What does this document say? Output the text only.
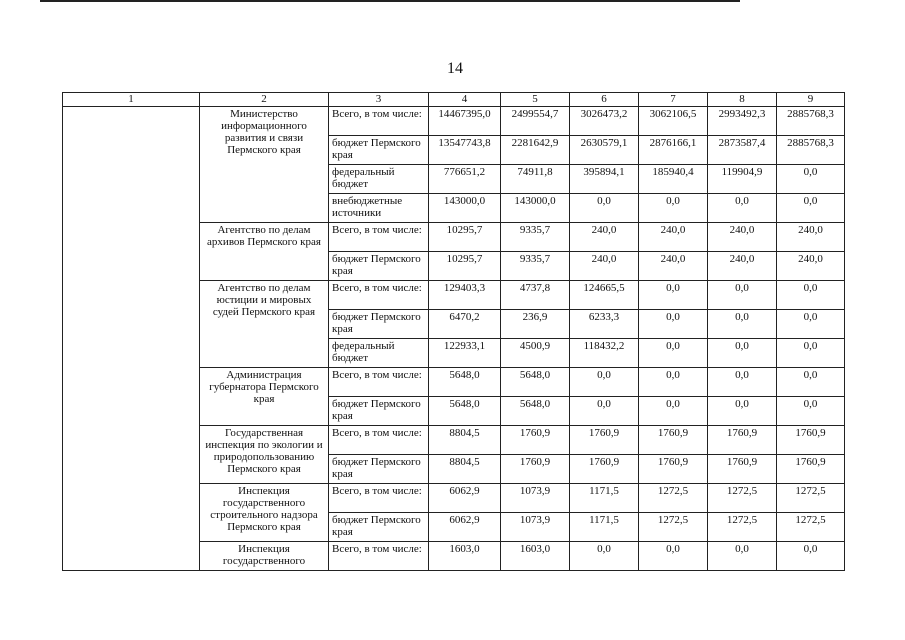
14
1	2	3	4	5	6	7	8	9
	Министерство информационного развития и связи Пермского края	Всего, в том числе:	14467395,0	2499554,7	3026473,2	3062106,5	2993492,3	2885768,3
		бюджет Пермского края	13547743,8	2281642,9	2630579,1	2876166,1	2873587,4	2885768,3
		федеральный бюджет	776651,2	74911,8	395894,1	185940,4	119904,9	0,0
		внебюджетные источники	143000,0	143000,0	0,0	0,0	0,0	0,0
	Агентство по делам архивов Пермского края	Всего, в том числе:	10295,7	9335,7	240,0	240,0	240,0	240,0
		бюджет Пермского края	10295,7	9335,7	240,0	240,0	240,0	240,0
	Агентство по делам юстиции и мировых судей Пермского края	Всего, в том числе:	129403,3	4737,8	124665,5	0,0	0,0	0,0
		бюджет Пермского края	6470,2	236,9	6233,3	0,0	0,0	0,0
		федеральный бюджет	122933,1	4500,9	118432,2	0,0	0,0	0,0
	Администрация губернатора Пермского края	Всего, в том числе:	5648,0	5648,0	0,0	0,0	0,0	0,0
		бюджет Пермского края	5648,0	5648,0	0,0	0,0	0,0	0,0
	Государственная инспекция по экологии и природопользованию Пермского края	Всего, в том числе:	8804,5	1760,9	1760,9	1760,9	1760,9	1760,9
		бюджет Пермского края	8804,5	1760,9	1760,9	1760,9	1760,9	1760,9
	Инспекция государственного строительного надзора Пермского края	Всего, в том числе:	6062,9	1073,9	1171,5	1272,5	1272,5	1272,5
		бюджет Пермского края	6062,9	1073,9	1171,5	1272,5	1272,5	1272,5
	Инспекция государственного	Всего, в том числе:	1603,0	1603,0	0,0	0,0	0,0	0,0
